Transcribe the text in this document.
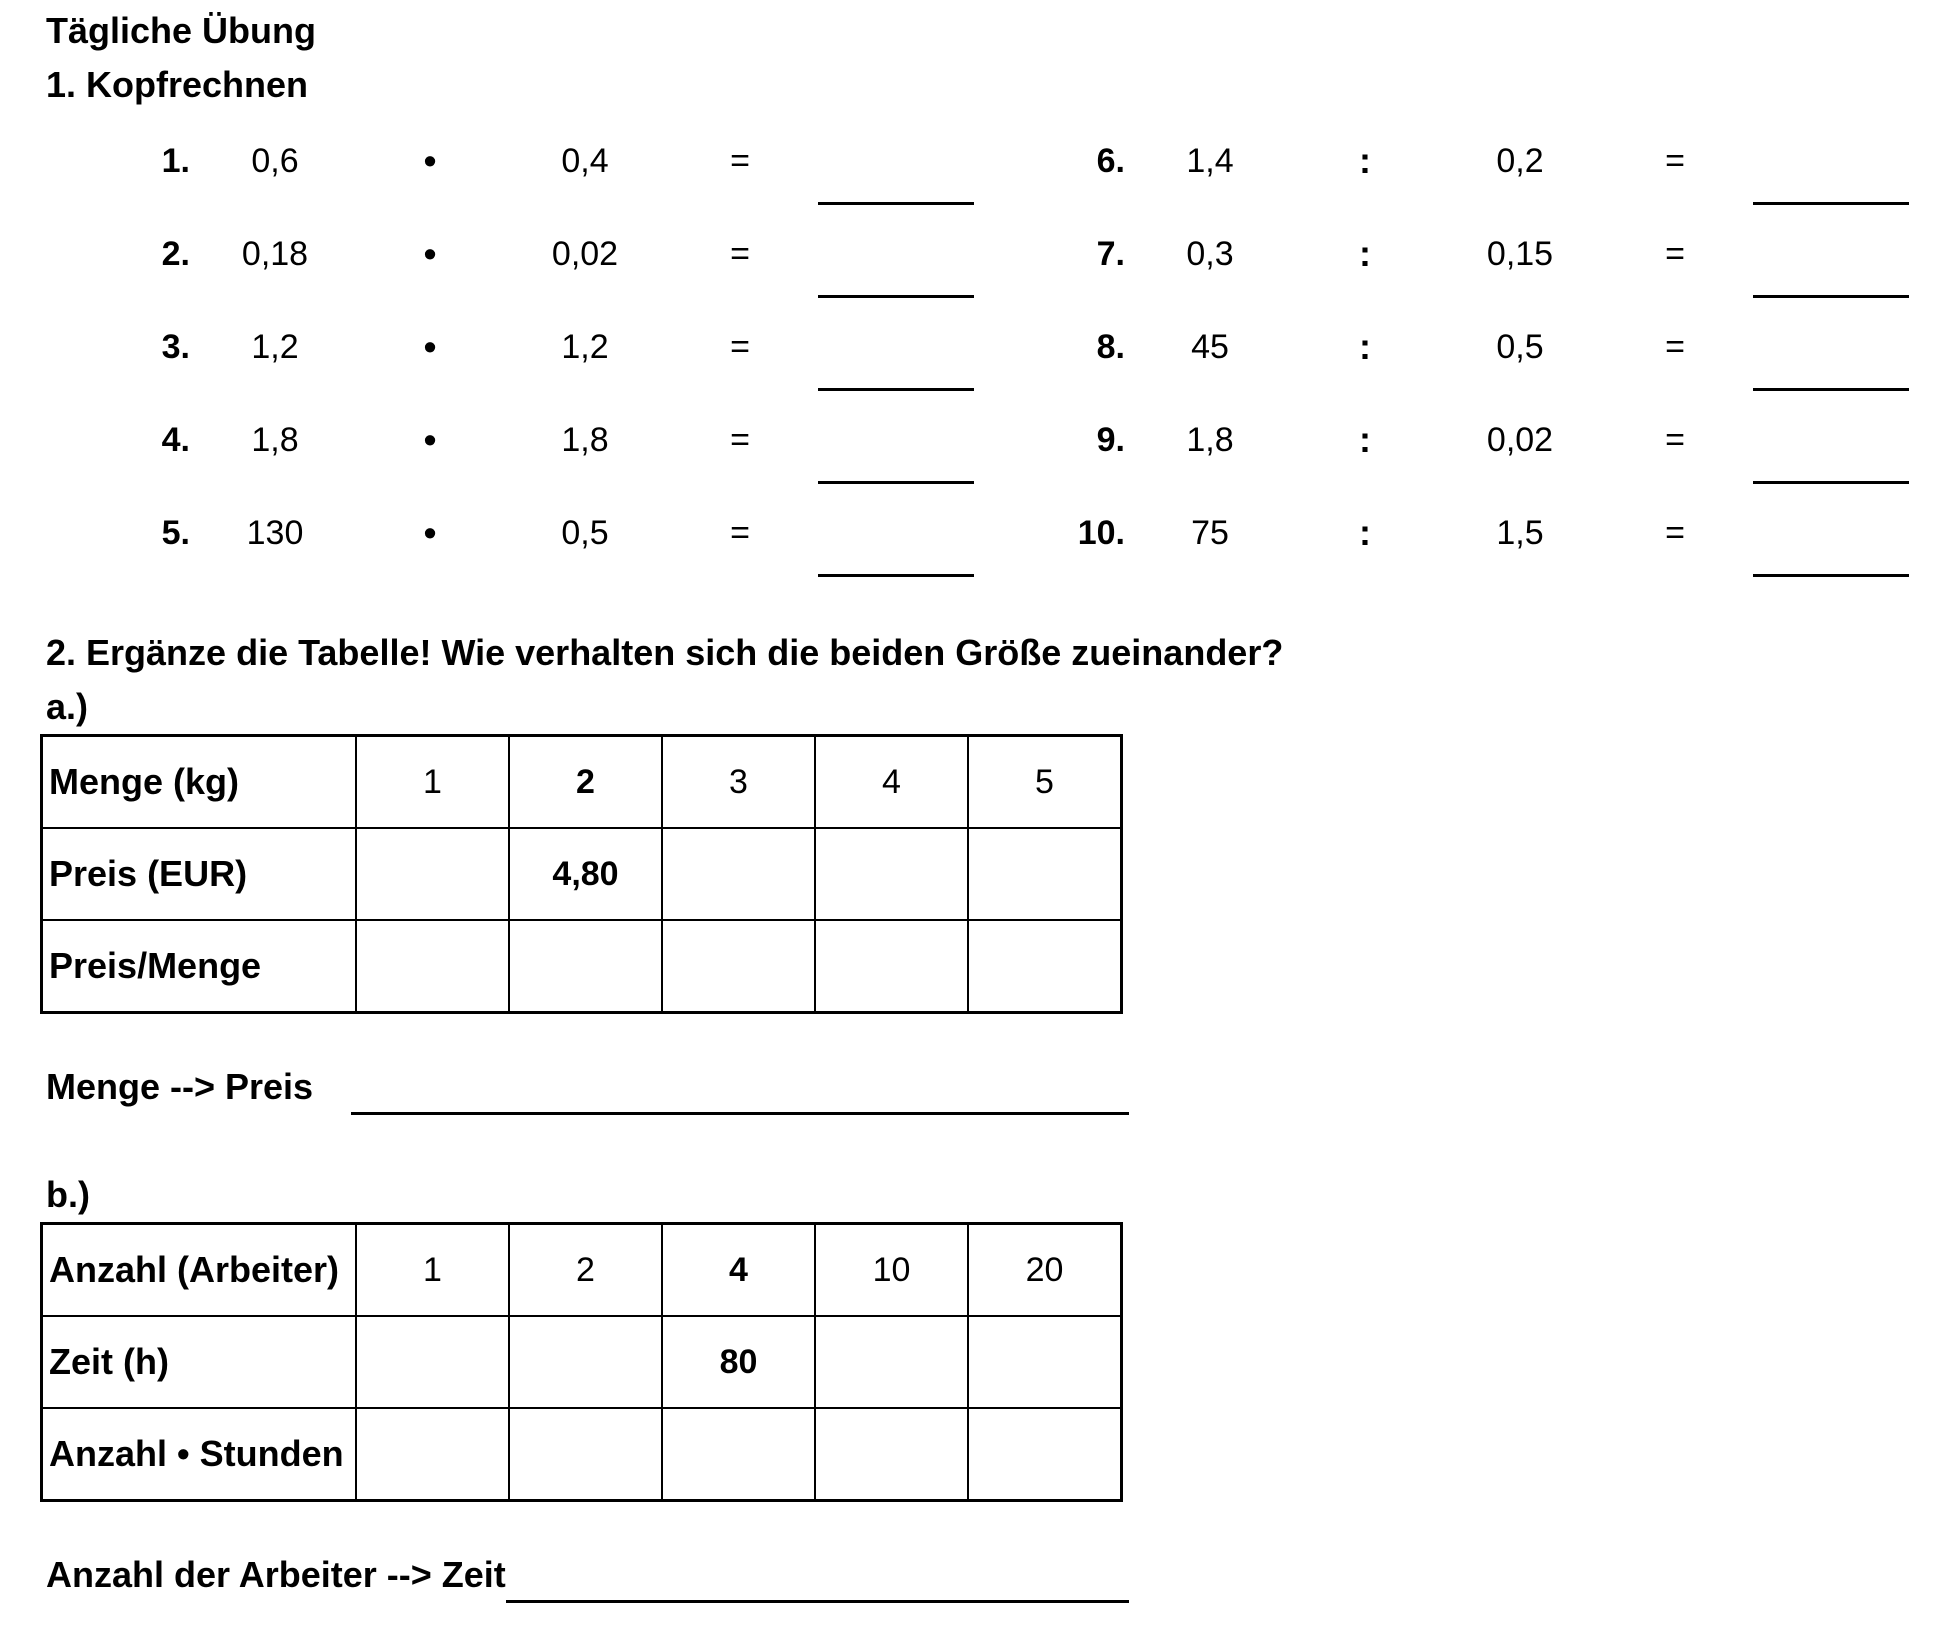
Tägliche Übung
1. Kopfrechnen
1.	0,6	•	0,4	=
2.	0,18	•	0,02	=
3.	1,2	•	1,2	=
4.	1,8	•	1,8	=
5.	130	•	0,5	=
6.	1,4	:	0,2	=
7.	0,3	:	0,15	=
8.	45	:	0,5	=
9.	1,8	:	0,02	=
10.	75	:	1,5	=
2. Ergänze die Tabelle! Wie verhalten sich die beiden Größe zueinander?
a.)
Menge (kg)	1	2	3	4	5
Preis (EUR)		4,80			
Preis/Menge					
Menge --> Preis
b.)
Anzahl (Arbeiter)	1	2	4	10	20
Zeit (h)			80		
Anzahl • Stunden					
Anzahl der Arbeiter --> Zeit
